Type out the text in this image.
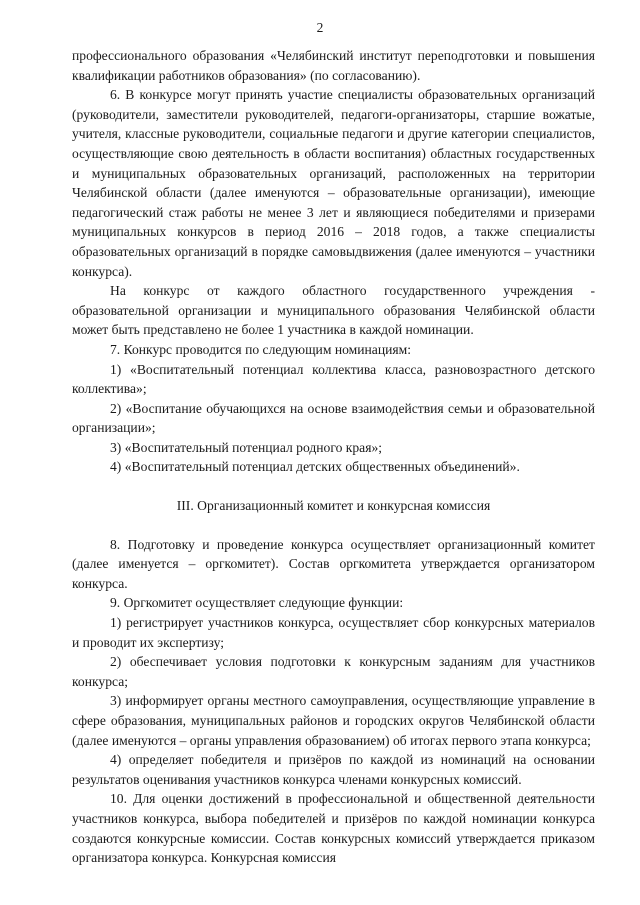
2

профессионального образования «Челябинский институт переподготовки и повышения квалификации работников образования» (по согласованию).

6. В конкурсе могут принять участие специалисты образовательных организаций (руководители, заместители руководителей, педагоги-организаторы, старшие вожатые, учителя, классные руководители, социальные педагоги и другие категории специалистов, осуществляющие свою деятельность в области воспитания) областных государственных и муниципальных образовательных организаций, расположенных на территории Челябинской области (далее именуются – образовательные организации), имеющие педагогический стаж работы не менее 3 лет и являющиеся победителями и призерами муниципальных конкурсов в период 2016 – 2018 годов, а также специалисты образовательных организаций в порядке самовыдвижения (далее именуются – участники конкурса).

На конкурс от каждого областного государственного учреждения - образовательной организации и муниципального образования Челябинской области может быть представлено не более 1 участника в каждой номинации.

7. Конкурс проводится по следующим номинациям:

1) «Воспитательный потенциал коллектива класса, разновозрастного детского коллектива»;

2) «Воспитание обучающихся на основе взаимодействия семьи и образовательной организации»;

3) «Воспитательный потенциал родного края»;

4) «Воспитательный потенциал детских общественных объединений».

III. Организационный комитет и конкурсная комиссия

8. Подготовку и проведение конкурса осуществляет организационный комитет (далее именуется – оргкомитет). Состав оргкомитета утверждается организатором конкурса.

9. Оргкомитет осуществляет следующие функции:

1) регистрирует участников конкурса, осуществляет сбор конкурсных материалов и проводит их экспертизу;

2) обеспечивает условия подготовки к конкурсным заданиям для участников конкурса;

3) информирует органы местного самоуправления, осуществляющие управление в сфере образования, муниципальных районов и городских округов Челябинской области (далее именуются – органы управления образованием) об итогах первого этапа конкурса;

4) определяет победителя и призёров по каждой из номинаций на основании результатов оценивания участников конкурса членами конкурсных комиссий.

10. Для оценки достижений в профессиональной и общественной деятельности участников конкурса, выбора победителей и призёров по каждой номинации конкурса создаются конкурсные комиссии. Состав конкурсных комиссий утверждается приказом организатора конкурса. Конкурсная комиссия
